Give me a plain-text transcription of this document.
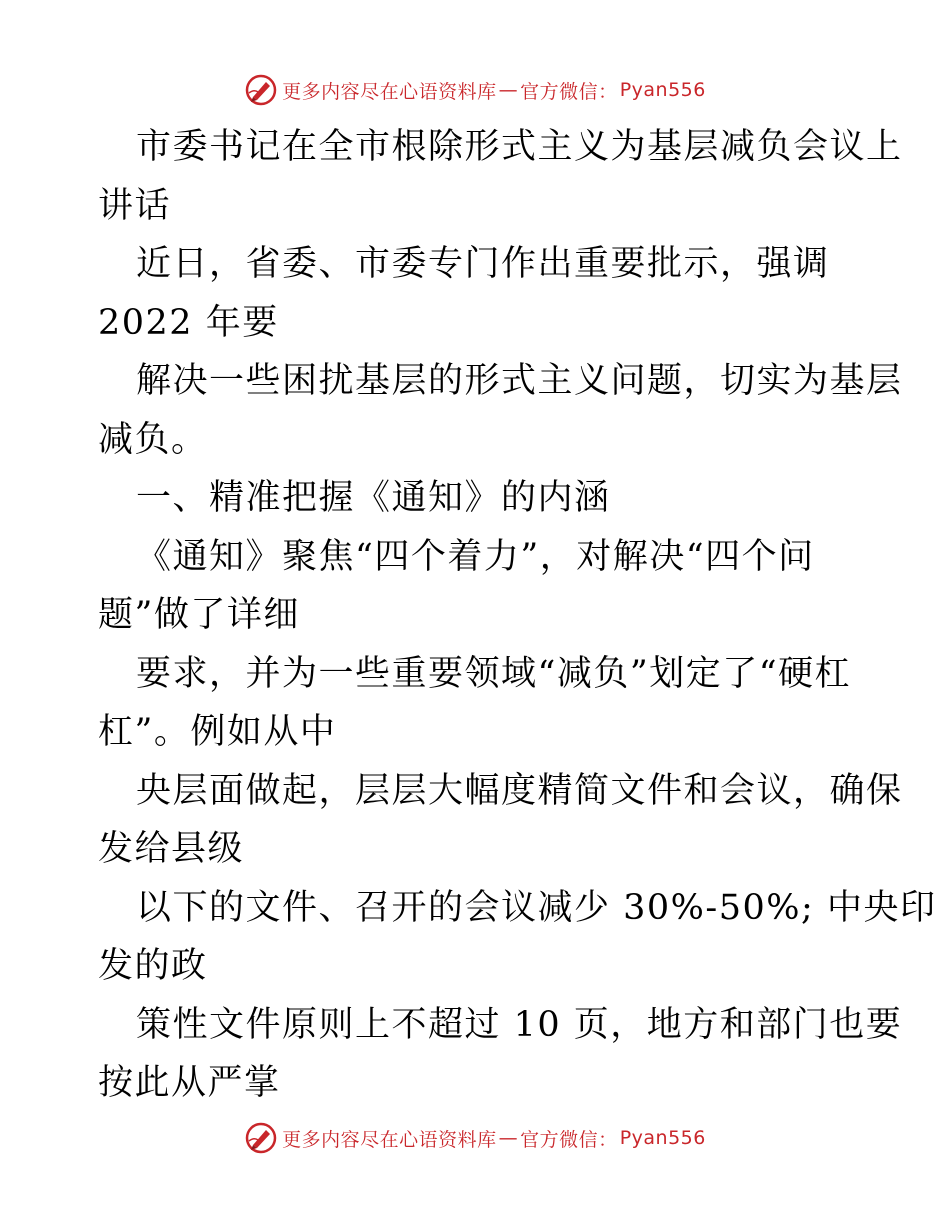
更多内容尽在心语资料库 — 官方微信： Pyan556
市委书记在全市根除形式主义为基层减负会议上
讲话
近日，省委、市委专门作出重要批示，强调
2022 年要
解决一些困扰基层的形式主义问题，切实为基层
减负。
一、精准把握《通知》的内涵
《通知》聚焦“四个着力”，对解决“四个问
题”做了详细
要求，并为一些重要领域“减负”划定了“硬杠
杠”。例如从中
央层面做起，层层大幅度精简文件和会议，确保
发给县级
以下的文件、召开的会议减少 30%-50%; 中央印
发的政
策性文件原则上不超过 10 页，地方和部门也要
按此从严掌
更多内容尽在心语资料库 — 官方微信： Pyan556
